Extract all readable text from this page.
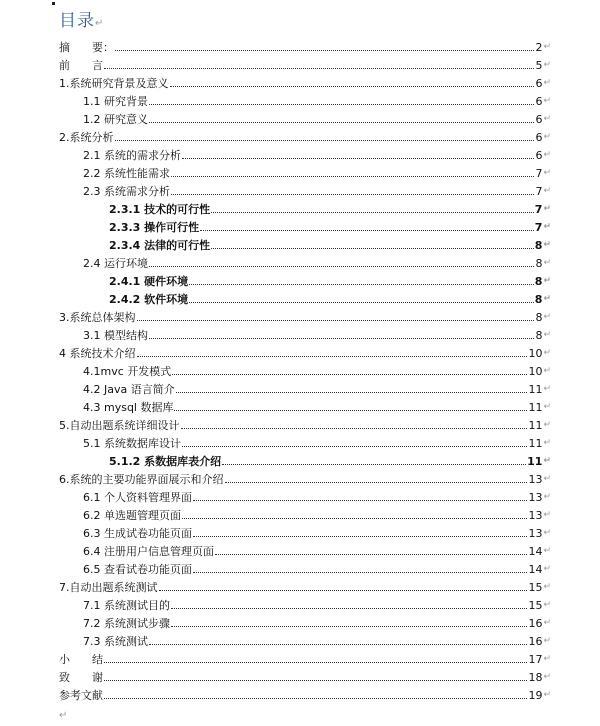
目录↵
摘　　要：	2 ↵
前　　言	5 ↵
1.系统研究背景及意义	6 ↵
1.1 研究背景	6 ↵
1.2 研究意义	6 ↵
2.系统分析	6 ↵
2.1 系统的需求分析	6 ↵
2.2 系统性能需求	7 ↵
2.3 系统需求分析	7 ↵
2.3.1 技术的可行性	7 ↵
2.3.3 操作可行性	7 ↵
2.3.4 法律的可行性	8 ↵
2.4 运行环境	8 ↵
2.4.1 硬件环境	8 ↵
2.4.2 软件环境	8 ↵
3.系统总体架构	8 ↵
3.1 模型结构	8 ↵
4 系统技术介绍	10 ↵
4.1mvc 开发模式	10 ↵
4.2 Java 语言简介	11 ↵
4.3 mysql 数据库	11 ↵
5.自动出题系统详细设计	11 ↵
5.1 系统数据库设计	11 ↵
5.1.2 系数据库表介绍	11 ↵
6.系统的主要功能界面展示和介绍	13 ↵
6.1 个人资料管理界面	13 ↵
6.2 单选题管理页面	13 ↵
6.3 生成试卷功能页面	13 ↵
6.4 注册用户信息管理页面	14 ↵
6.5 查看试卷功能页面	14 ↵
7.自动出题系统测试	15 ↵
7.1 系统测试目的	15 ↵
7.2 系统测试步骤	16 ↵
7.3 系统测试	16 ↵
小　　结	17 ↵
致　　谢	18 ↵
参考文献	19 ↵
↵
